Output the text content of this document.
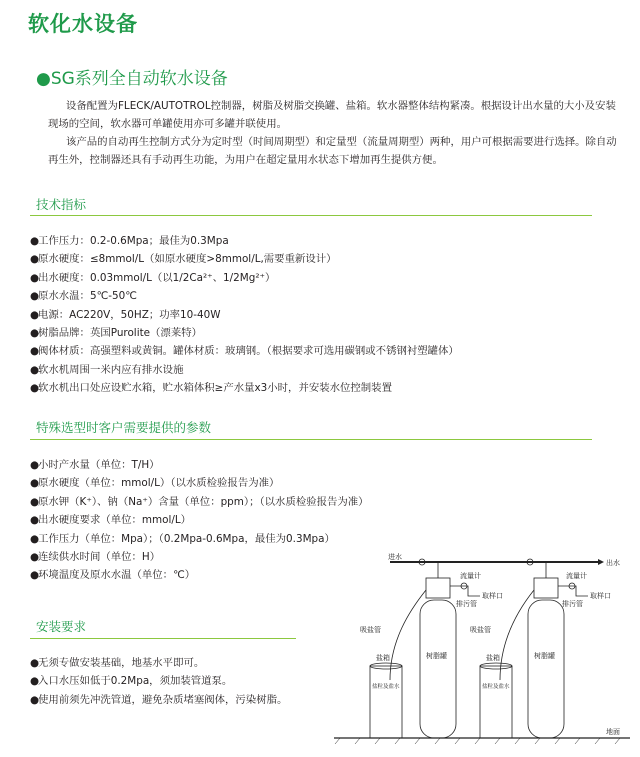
软化水设备
●SG系列全自动软水设备
设备配置为FLECK/AUTOTROL控制器，树脂及树脂交换罐、盐箱。软水器整体结构紧凑。根据设计出水量的大小及安装现场的空间，软水器可单罐使用亦可多罐并联使用。
该产品的自动再生控制方式分为定时型（时间周期型）和定量型（流量周期型）两种，用户可根据需要进行选择。除自动再生外，控制器还具有手动再生功能，为用户在超定量用水状态下增加再生提供方便。
技术指标
●工作压力：0.2-0.6Mpa；最佳为0.3Mpa
●原水硬度：≤8mmol/L（如原水硬度>8mmol/L,需要重新设计）
●出水硬度：0.03mmol/L（以1/2Ca²⁺、1/2Mg²⁺）
●原水水温：5℃-50℃
●电源：AC220V，50HZ；功率10-40W
●树脂品牌：英国Purolite（漂莱特）
●阀体材质：高强塑料或黄铜。罐体材质：玻璃钢。（根据要求可选用碳钢或不锈钢衬塑罐体）
●软水机周围一米内应有排水设施
●软水机出口处应设贮水箱，贮水箱体积≥产水量x3小时，并安装水位控制装置
特殊选型时客户需要提供的参数
●小时产水量（单位：T/H）
●原水硬度（单位：mmol/L）（以水质检验报告为准）
●原水钾（K⁺）、钠（Na⁺）含量（单位：ppm）；（以水质检验报告为准）
●出水硬度要求（单位：mmol/L）
●工作压力（单位：Mpa）；（0.2Mpa-0.6Mpa，最佳为0.3Mpa）
●连续供水时间（单位：H）
●环境温度及原水水温（单位：℃）
安装要求
●无须专做安装基础，地基水平即可。
●入口水压如低于0.2Mpa，须加装管道泵。
●使用前须先冲洗管道，避免杂质堵塞阀体，污染树脂。
进水
出水
流量计	流量计
取样口	取样口
排污管	排污管
吸盐管	吸盐管
盐箱	盐箱
树脂罐	树脂罐
盐粒及盐水	盐粒及盐水
地面
